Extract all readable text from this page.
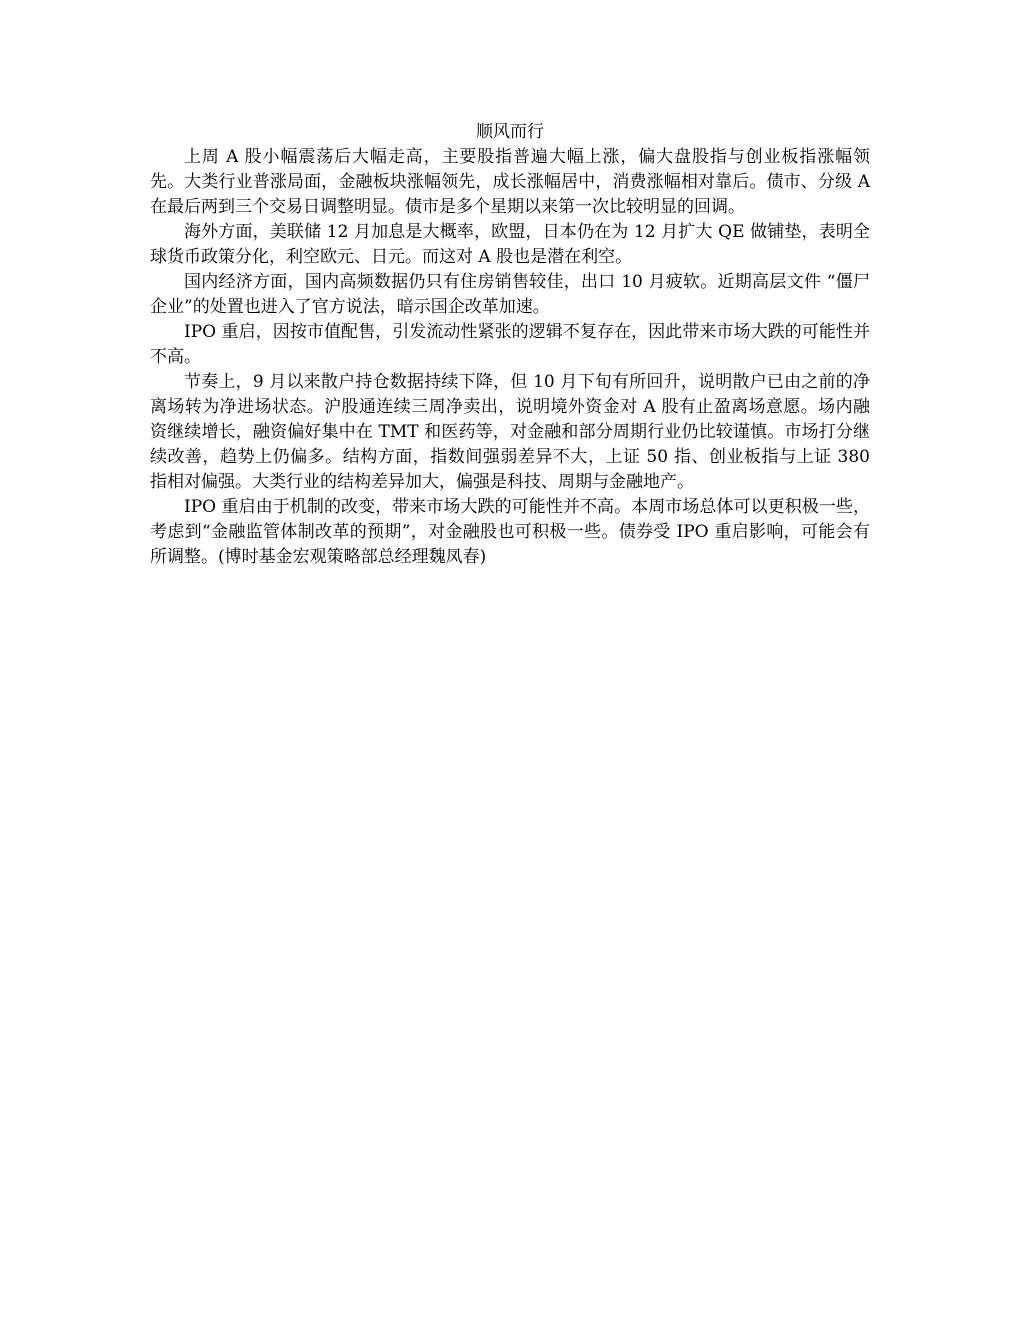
顺风而行

上周 A 股小幅震荡后大幅走高，主要股指普遍大幅上涨，偏大盘股指与创业板指涨幅领先。大类行业普涨局面，金融板块涨幅领先，成长涨幅居中，消费涨幅相对靠后。债市、分级 A 在最后两到三个交易日调整明显。债市是多个星期以来第一次比较明显的回调。

海外方面，美联储 12 月加息是大概率，欧盟，日本仍在为 12 月扩大 QE 做铺垫，表明全球货币政策分化，利空欧元、日元。而这对 A 股也是潜在利空。

国内经济方面，国内高频数据仍只有住房销售较佳，出口 10 月疲软。近期高层文件 “僵尸企业”的处置也进入了官方说法，暗示国企改革加速。

IPO 重启，因按市值配售，引发流动性紧张的逻辑不复存在，因此带来市场大跌的可能性并不高。

节奏上，9 月以来散户持仓数据持续下降，但 10 月下旬有所回升，说明散户已由之前的净离场转为净进场状态。沪股通连续三周净卖出，说明境外资金对 A 股有止盈离场意愿。场内融资继续增长，融资偏好集中在 TMT 和医药等，对金融和部分周期行业仍比较谨慎。市场打分继续改善，趋势上仍偏多。结构方面，指数间强弱差异不大，上证 50 指、创业板指与上证 380 指相对偏强。大类行业的结构差异加大，偏强是科技、周期与金融地产。

IPO 重启由于机制的改变，带来市场大跌的可能性并不高。本周市场总体可以更积极一些，考虑到“金融监管体制改革的预期”，对金融股也可积极一些。债券受 IPO 重启影响，可能会有所调整。(博时基金宏观策略部总经理魏凤春)
